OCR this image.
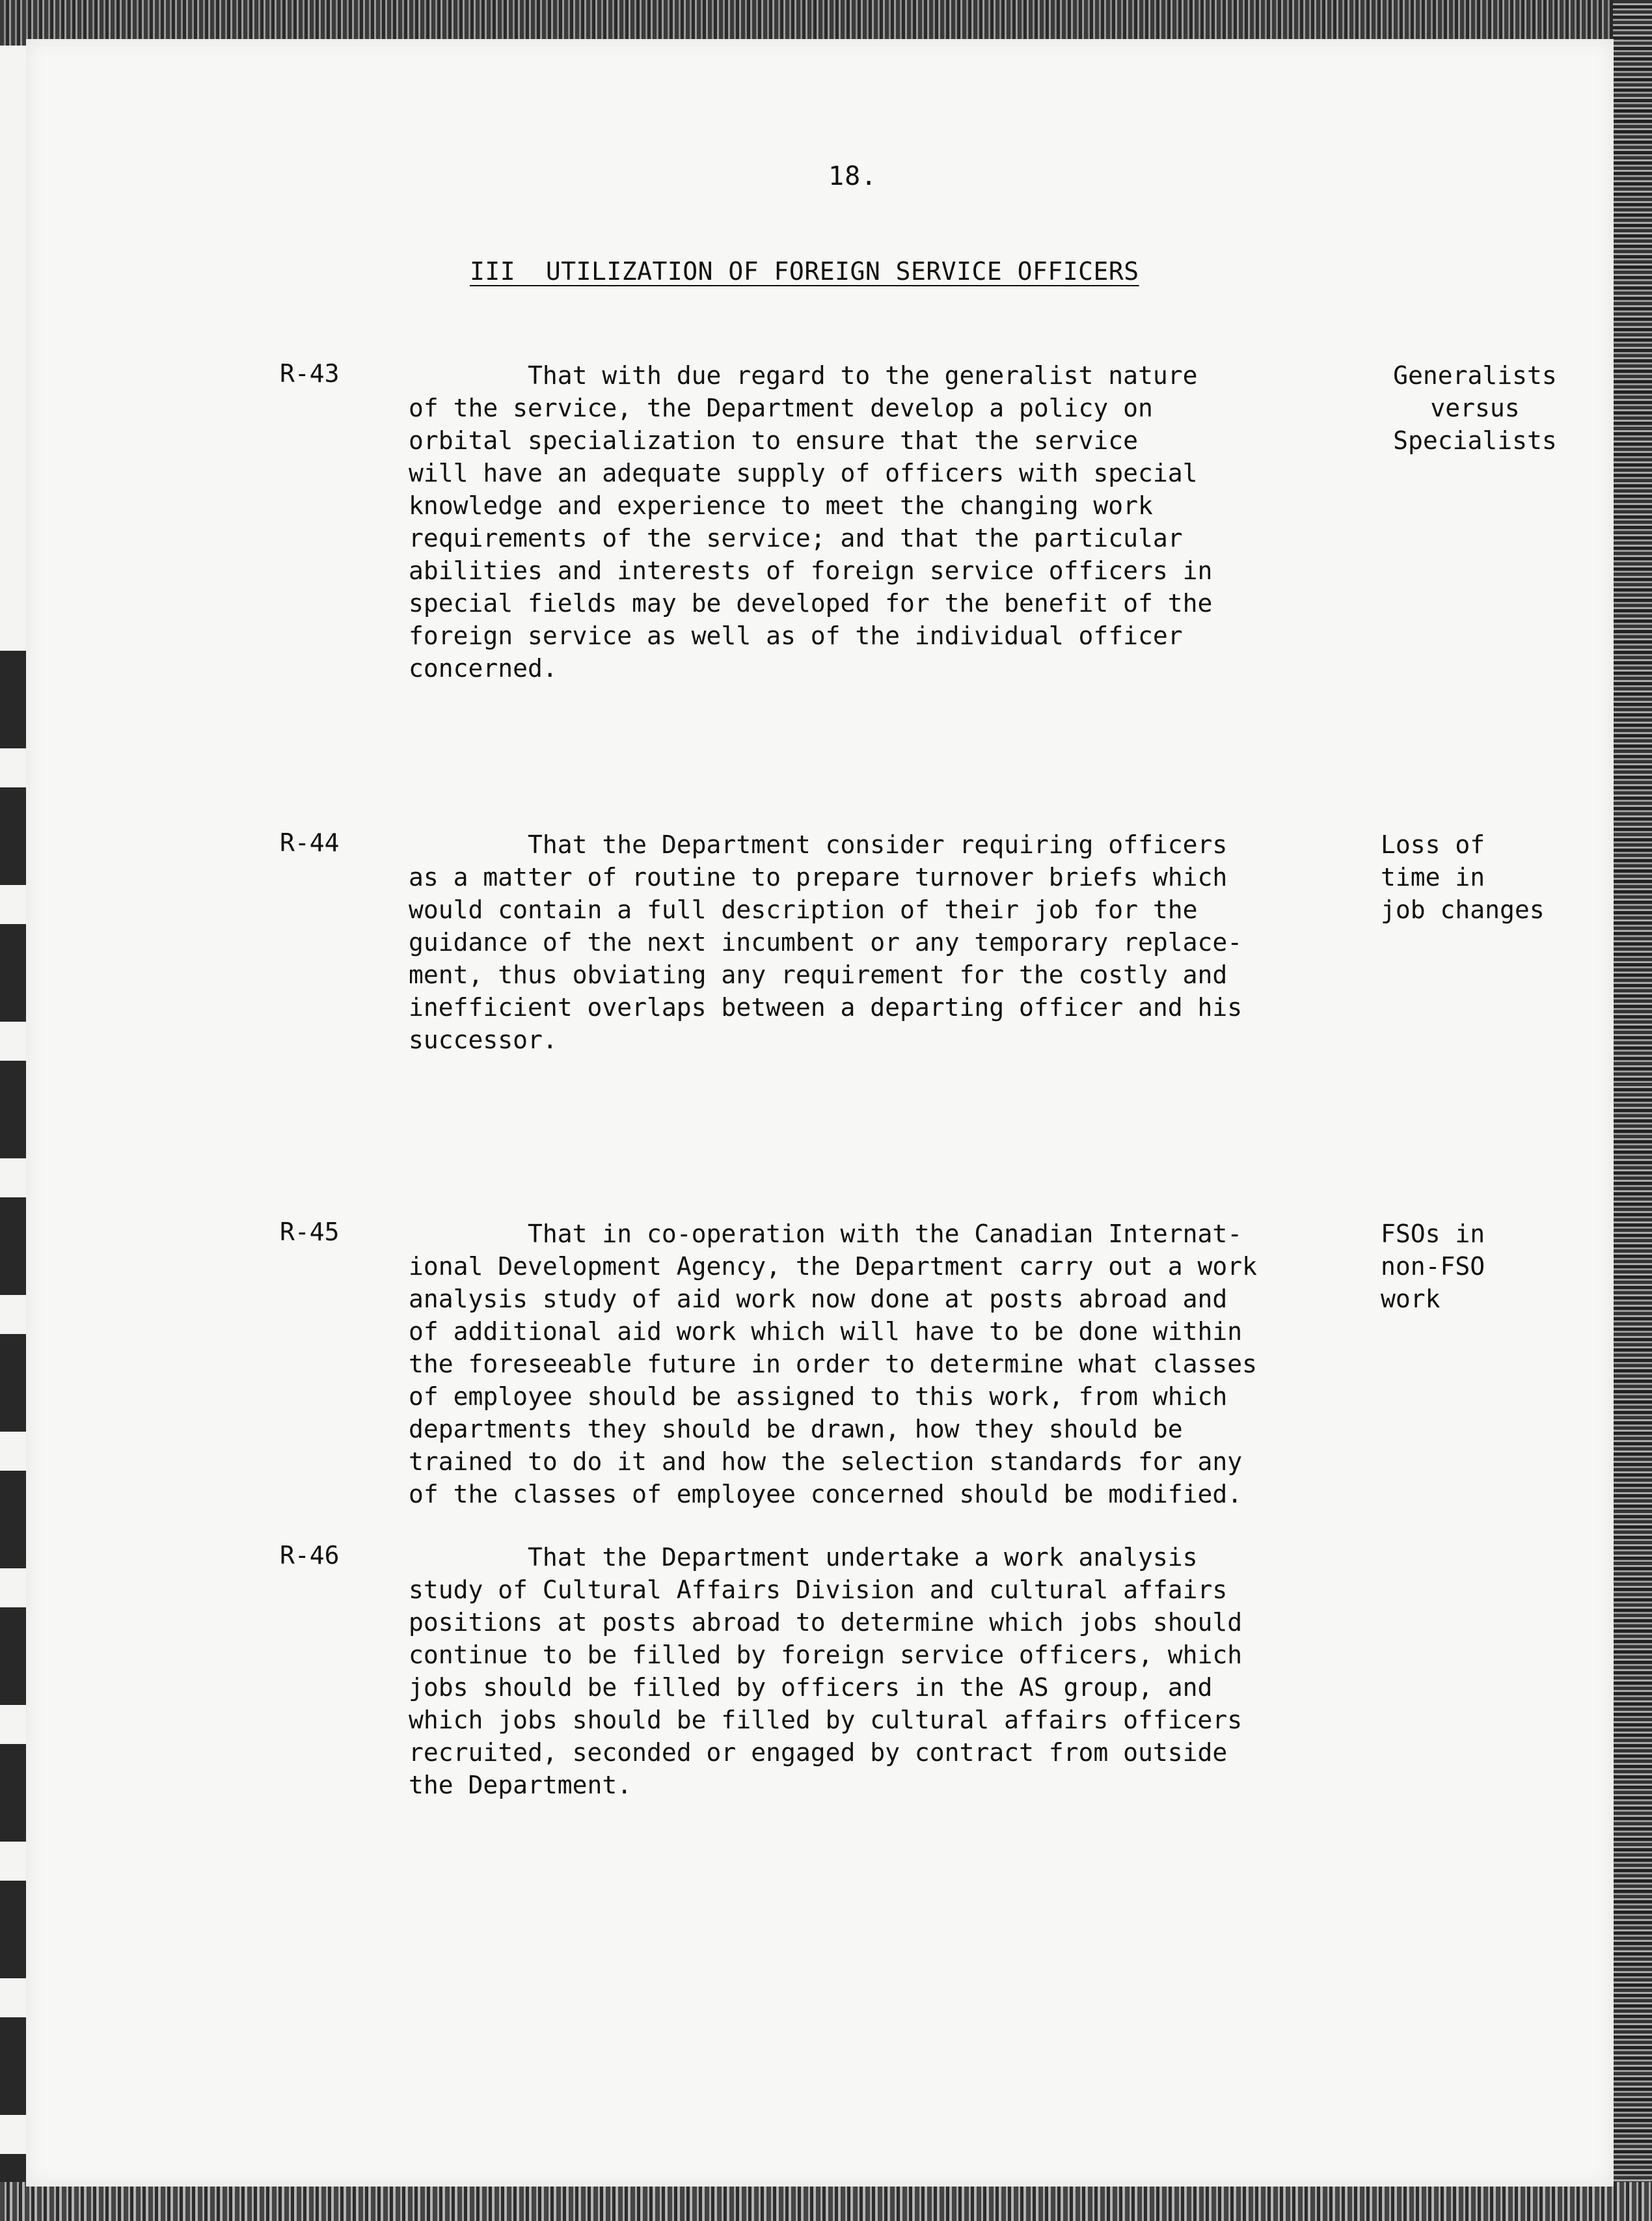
18.
III  UTILIZATION OF FOREIGN SERVICE OFFICERS
R-43	That with due regard to the generalist nature
of the service, the Department develop a policy on
orbital specialization to ensure that the service
will have an adequate supply of officers with special
knowledge and experience to meet the changing work
requirements of the service; and that the particular
abilities and interests of foreign service officers in
special fields may be developed for the benefit of the
foreign service as well as of the individual officer
concerned.
Generalists
versus
Specialists
R-44	That the Department consider requiring officers
as a matter of routine to prepare turnover briefs which
would contain a full description of their job for the
guidance of the next incumbent or any temporary replace-
ment, thus obviating any requirement for the costly and
inefficient overlaps between a departing officer and his
successor.
Loss of
time in
job changes
R-45	That in co-operation with the Canadian Internat-
ional Development Agency, the Department carry out a work
analysis study of aid work now done at posts abroad and
of additional aid work which will have to be done within
the foreseeable future in order to determine what classes
of employee should be assigned to this work, from which
departments they should be drawn, how they should be
trained to do it and how the selection standards for any
of the classes of employee concerned should be modified.
FSOs in
non-FSO
work
R-46	That the Department undertake a work analysis
study of Cultural Affairs Division and cultural affairs
positions at posts abroad to determine which jobs should
continue to be filled by foreign service officers, which
jobs should be filled by officers in the AS group, and
which jobs should be filled by cultural affairs officers
recruited, seconded or engaged by contract from outside
the Department.
